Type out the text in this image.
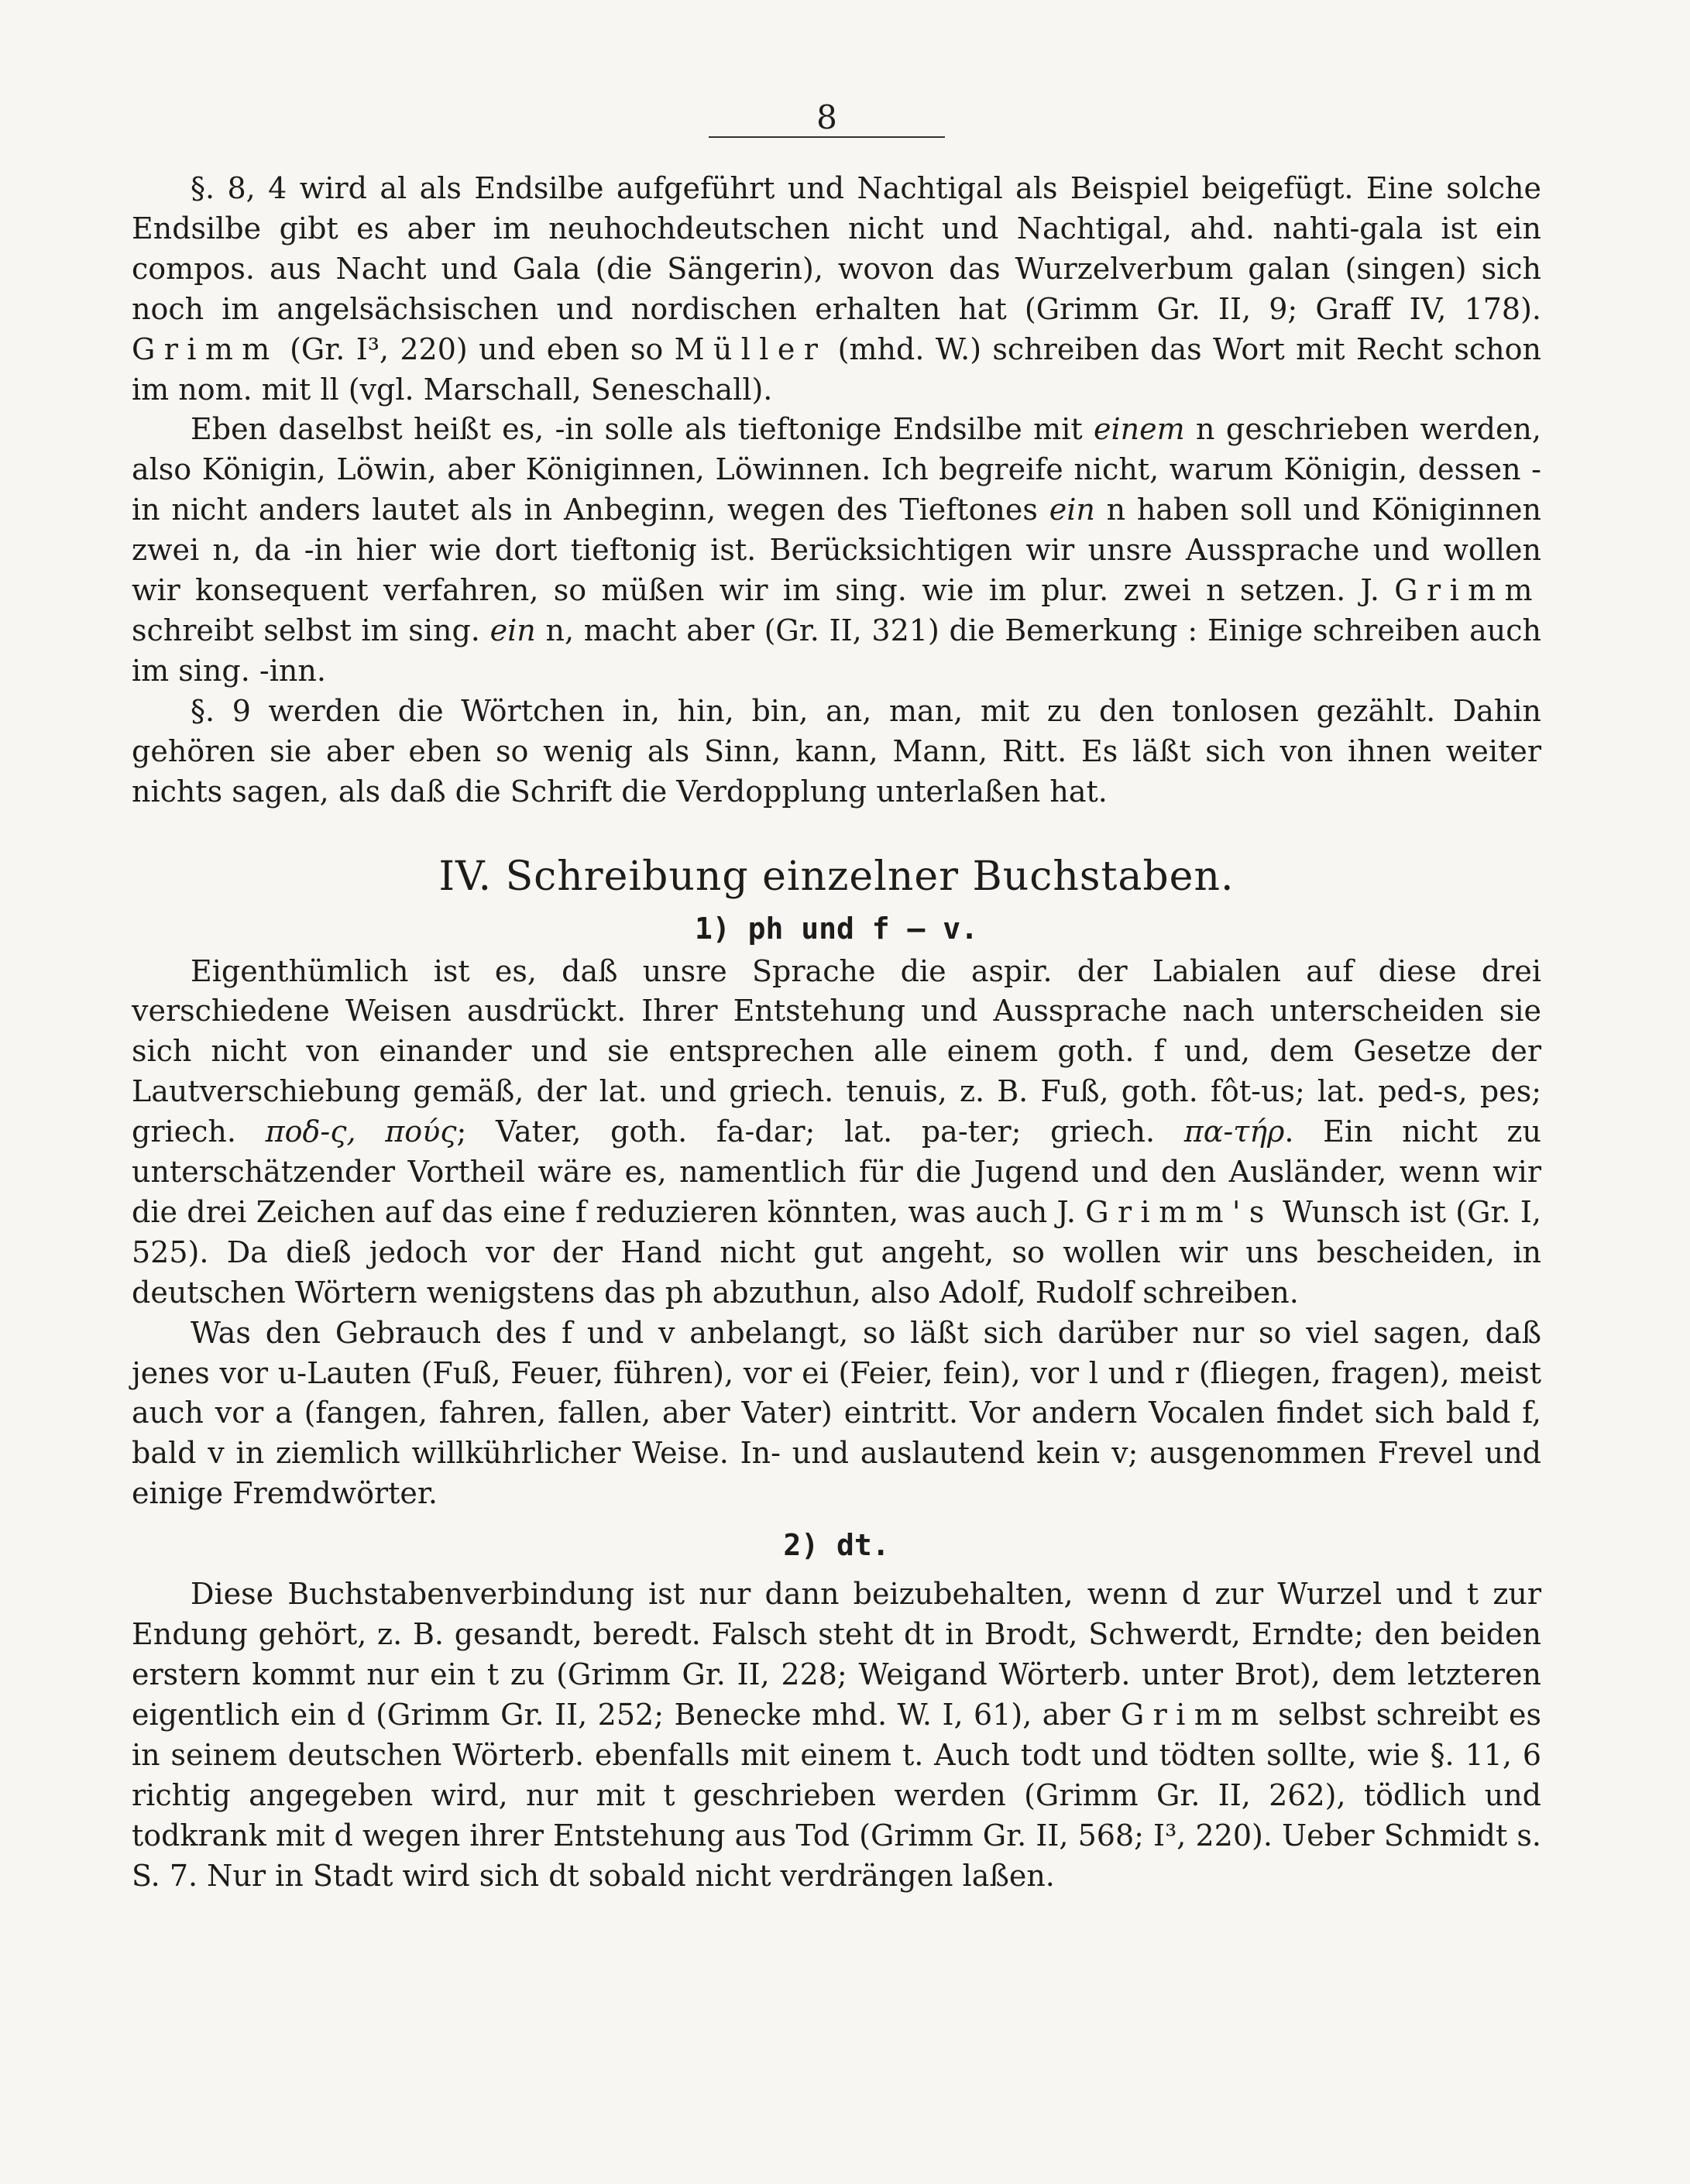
8

§. 8, 4 wird al als Endsilbe aufgeführt und Nachtigal als Beispiel beigefügt. Eine solche Endsilbe gibt es aber im neuhochdeutschen nicht und Nachtigal, ahd. nahti-gala ist ein compos. aus Nacht und Gala (die Sängerin), wovon das Wurzelverbum galan (singen) sich noch im angelsächsischen und nordischen erhalten hat (Grimm Gr. II, 9; Graff IV, 178). Grimm (Gr. I³, 220) und eben so Müller (mhd. W.) schreiben das Wort mit Recht schon im nom. mit ll (vgl. Marschall, Seneschall).

Eben daselbst heißt es, -in solle als tieftonige Endsilbe mit einem n geschrieben werden, also Königin, Löwin, aber Königinnen, Löwinnen. Ich begreife nicht, warum Königin, dessen -in nicht anders lautet als in Anbeginn, wegen des Tieftones ein n haben soll und Königinnen zwei n, da -in hier wie dort tieftonig ist. Berücksichtigen wir unsre Aussprache und wollen wir konsequent verfahren, so müßen wir im sing. wie im plur. zwei n setzen. J. Grimm schreibt selbst im sing. ein n, macht aber (Gr. II, 321) die Bemerkung : Einige schreiben auch im sing. -inn.

§. 9 werden die Wörtchen in, hin, bin, an, man, mit zu den tonlosen gezählt. Dahin gehören sie aber eben so wenig als Sinn, kann, Mann, Ritt. Es läßt sich von ihnen weiter nichts sagen, als daß die Schrift die Verdopplung unterlaßen hat.

IV. Schreibung einzelner Buchstaben.
1) ph und f — v.

Eigenthümlich ist es, daß unsre Sprache die aspir. der Labialen auf diese drei verschiedene Weisen ausdrückt. Ihrer Entstehung und Aussprache nach unterscheiden sie sich nicht von einander und sie entsprechen alle einem goth. f und, dem Gesetze der Lautverschiebung gemäß, der lat. und griech. tenuis, z. B. Fuß, goth. fôt-us; lat. ped-s, pes; griech. ποδ-ς, πούς; Vater, goth. fa-dar; lat. pa-ter; griech. πα-τήρ. Ein nicht zu unterschätzender Vortheil wäre es, namentlich für die Jugend und den Ausländer, wenn wir die drei Zeichen auf das eine f reduzieren könnten, was auch J. Grimm's Wunsch ist (Gr. I, 525). Da dieß jedoch vor der Hand nicht gut angeht, so wollen wir uns bescheiden, in deutschen Wörtern wenigstens das ph abzuthun, also Adolf, Rudolf schreiben.

Was den Gebrauch des f und v anbelangt, so läßt sich darüber nur so viel sagen, daß jenes vor u-Lauten (Fuß, Feuer, führen), vor ei (Feier, fein), vor l und r (fliegen, fragen), meist auch vor a (fangen, fahren, fallen, aber Vater) eintritt. Vor andern Vocalen findet sich bald f, bald v in ziemlich willkührlicher Weise. In- und auslautend kein v; ausgenommen Frevel und einige Fremdwörter.

2) dt.

Diese Buchstabenverbindung ist nur dann beizubehalten, wenn d zur Wurzel und t zur Endung gehört, z. B. gesandt, beredt. Falsch steht dt in Brodt, Schwerdt, Erndte; den beiden erstern kommt nur ein t zu (Grimm Gr. II, 228; Weigand Wörterb. unter Brot), dem letzteren eigentlich ein d (Grimm Gr. II, 252; Benecke mhd. W. I, 61), aber Grimm selbst schreibt es in seinem deutschen Wörterb. ebenfalls mit einem t. Auch todt und tödten sollte, wie §. 11, 6 richtig angegeben wird, nur mit t geschrieben werden (Grimm Gr. II, 262), tödlich und todkrank mit d wegen ihrer Entstehung aus Tod (Grimm Gr. II, 568; I³, 220). Ueber Schmidt s. S. 7. Nur in Stadt wird sich dt sobald nicht verdrängen laßen.
